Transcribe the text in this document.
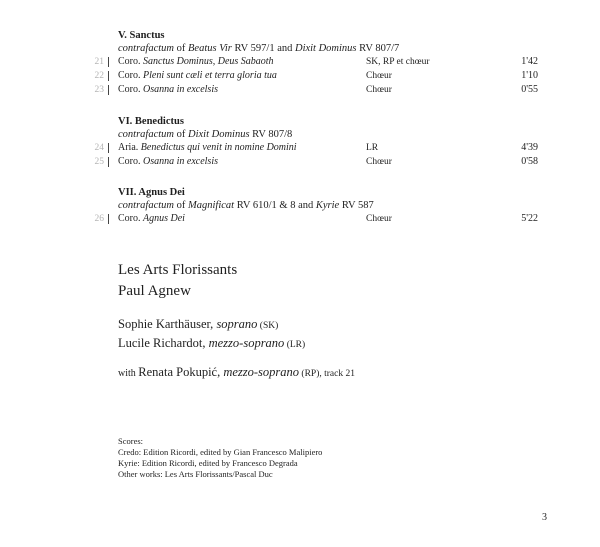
V. Sanctus
contrafactum of Beatus Vir RV 597/1 and Dixit Dominus RV 807/7
21 Coro. Sanctus Dominus, Deus Sabaoth	SK, RP et chœur	1'42
22 Coro. Pleni sunt cæli et terra gloria tua	Chœur	1'10
23 Coro. Osanna in excelsis	Chœur	0'55
VI. Benedictus
contrafactum of Dixit Dominus RV 807/8
24 Aria. Benedictus qui venit in nomine Domini	LR	4'39
25 Coro. Osanna in excelsis	Chœur	0'58
VII. Agnus Dei
contrafactum of Magnificat RV 610/1 & 8 and Kyrie RV 587
26 Coro. Agnus Dei	Chœur	5'22
Les Arts Florissants
Paul Agnew
Sophie Karthäuser, soprano (SK)
Lucile Richardot, mezzo-soprano (LR)
with Renata Pokupić, mezzo-soprano (RP), track 21
Scores:
Credo: Edition Ricordi, edited by Gian Francesco Malipiero
Kyrie: Edition Ricordi, edited by Francesco Degrada
Other works: Les Arts Florissants/Pascal Duc
3
